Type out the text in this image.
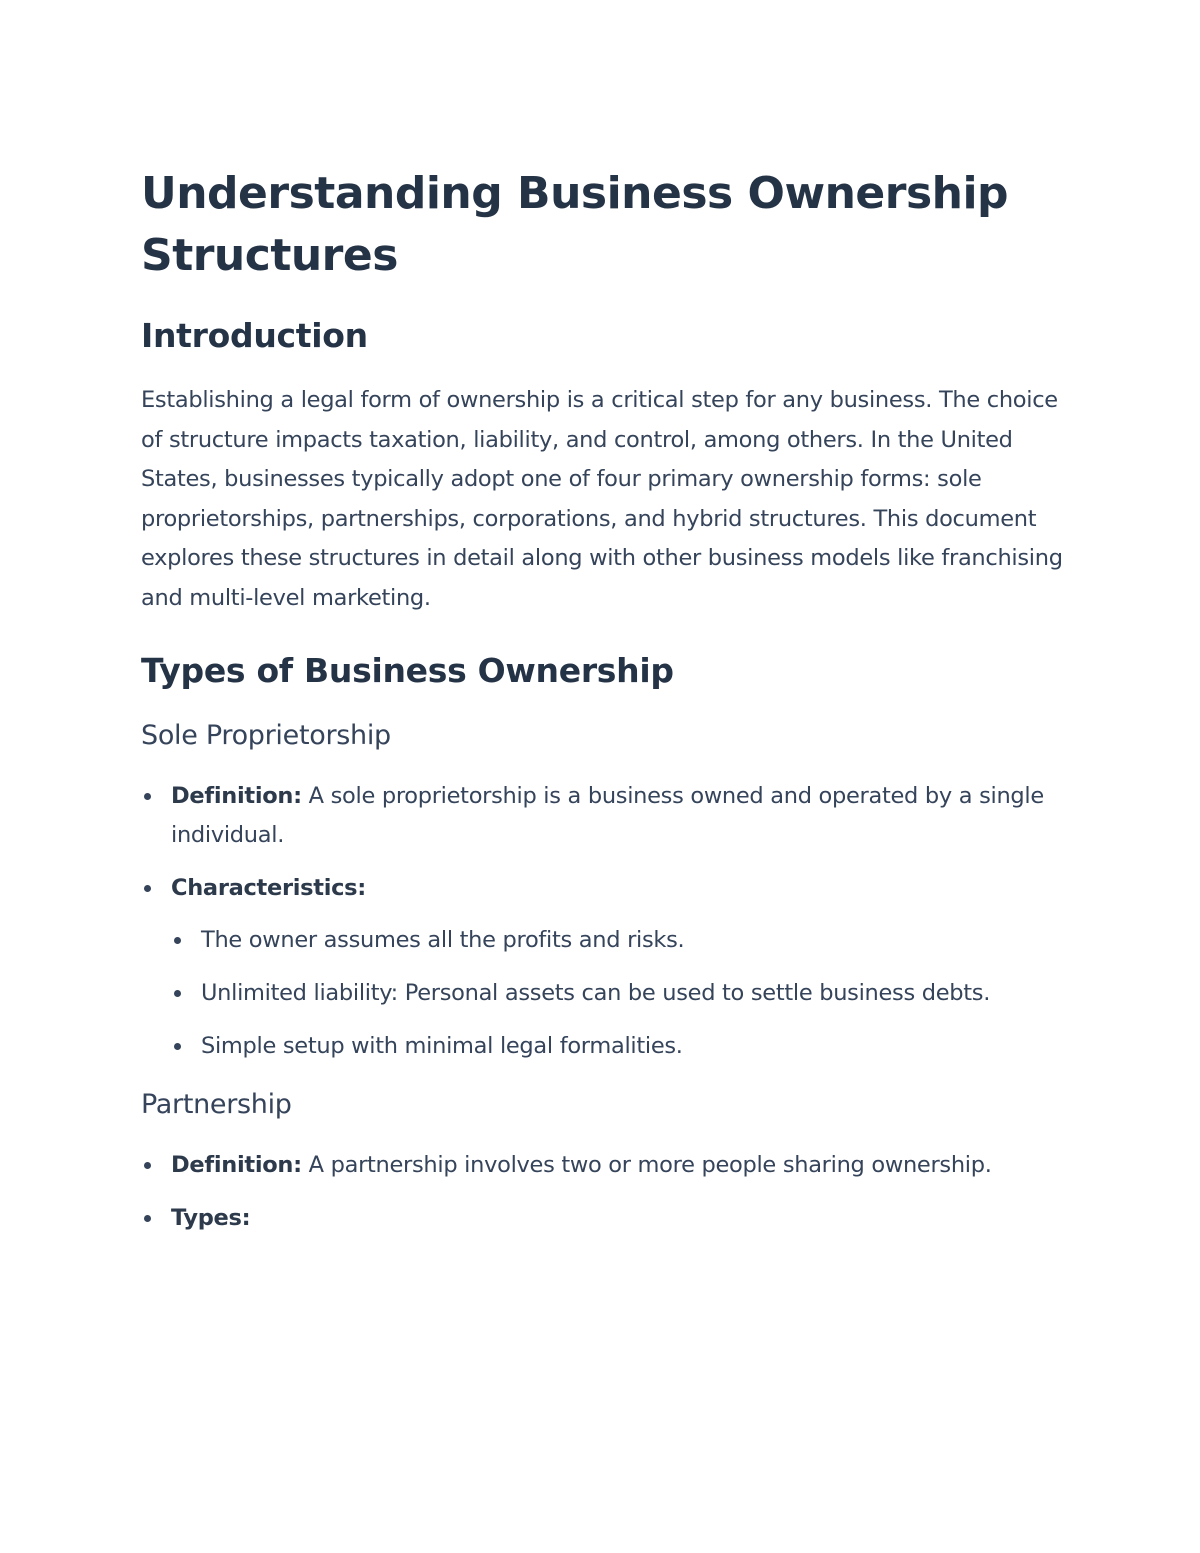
Understanding Business Ownership Structures
Introduction

Establishing a legal form of ownership is a critical step for any business. The choice of structure impacts taxation, liability, and control, among others. In the United States, businesses typically adopt one of four primary ownership forms: sole proprietorships, partnerships, corporations, and hybrid structures. This document explores these structures in detail along with other business models like franchising and multi-level marketing.

Types of Business Ownership
Sole Proprietorship
Definition: A sole proprietorship is a business owned and operated by a single individual.
Characteristics:
The owner assumes all the profits and risks.
Unlimited liability: Personal assets can be used to settle business debts.
Simple setup with minimal legal formalities.
Partnership
Definition: A partnership involves two or more people sharing ownership.
Types:
